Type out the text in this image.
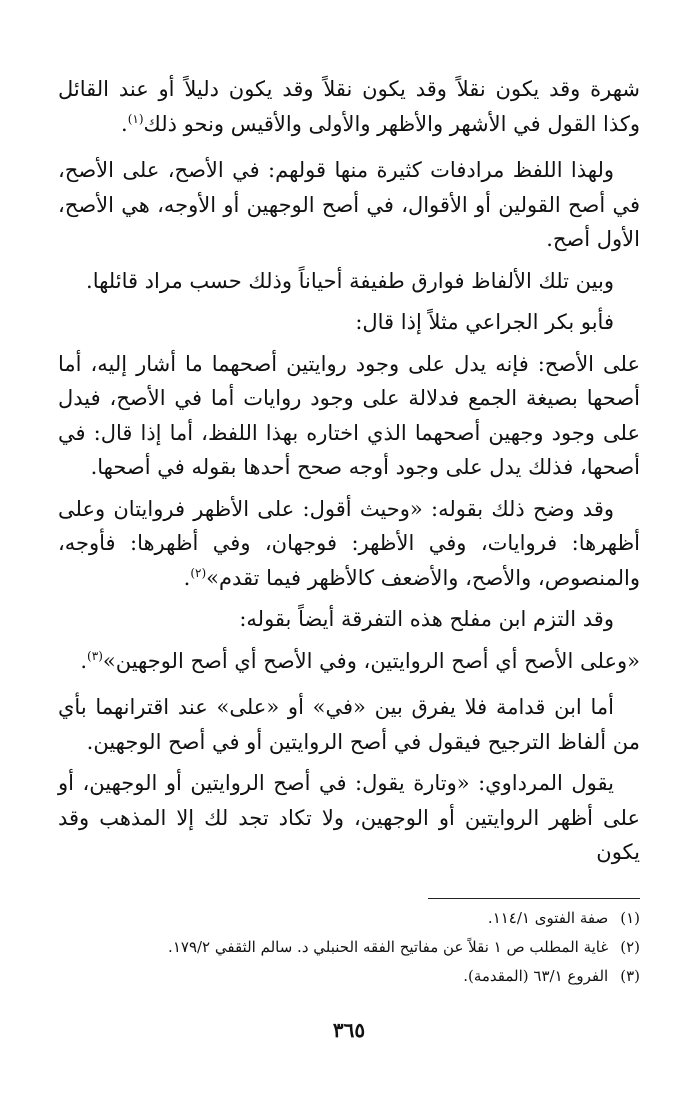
شهرة وقد يكون نقلاً وقد يكون نقلاً وقد يكون دليلاً أو عند القائل وكذا القول في الأشهر والأظهر والأولى والأقيس ونحو ذلك$^{(١)}$.

ولهذا اللفظ مرادفات كثيرة منها قولهم: في الأصح، على الأصح، في أصح القولين أو الأقوال، في أصح الوجهين أو الأوجه، هي الأصح، الأول أصح.

وبين تلك الألفاظ فوارق طفيفة أحياناً وذلك حسب مراد قائلها.

فأبو بكر الجراعي مثلاً إذا قال:

على الأصح: فإنه يدل على وجود روايتين أصحهما ما أشار إليه، أما أصحها بصيغة الجمع فدلالة على وجود روايات أما في الأصح، فيدل على وجود وجهين أصحهما الذي اختاره بهذا اللفظ، أما إذا قال: في أصحها، فذلك يدل على وجود أوجه صحح أحدها بقوله في أصحها.

وقد وضح ذلك بقوله: «وحيث أقول: على الأظهر فروايتان وعلى أظهرها: فروايات، وفي الأظهر: فوجهان، وفي أظهرها: فأوجه، والمنصوص، والأصح، والأضعف كالأظهر فيما تقدم»$^{(٢)}$.

وقد التزم ابن مفلح هذه التفرقة أيضاً بقوله:

«وعلى الأصح أي أصح الروايتين، وفي الأصح أي أصح الوجهين»$^{(٣)}$.

أما ابن قدامة فلا يفرق بين «في» أو «على» عند اقترانهما بأي من ألفاظ الترجيح فيقول في أصح الروايتين أو في أصح الوجهين.

يقول المرداوي: «وتارة يقول: في أصح الروايتين أو الوجهين، أو على أظهر الروايتين أو الوجهين، ولا تكاد تجد لك إلا المذهب وقد يكون

(١)صفة الفتوى ١١٤/١.

(٢)غاية المطلب ص ١ نقلاً عن مفاتيح الفقه الحنبلي د. سالم الثقفي ١٧٩/٢.

(٣)الفروع ٦٣/١ (المقدمة).

٣٦٥
